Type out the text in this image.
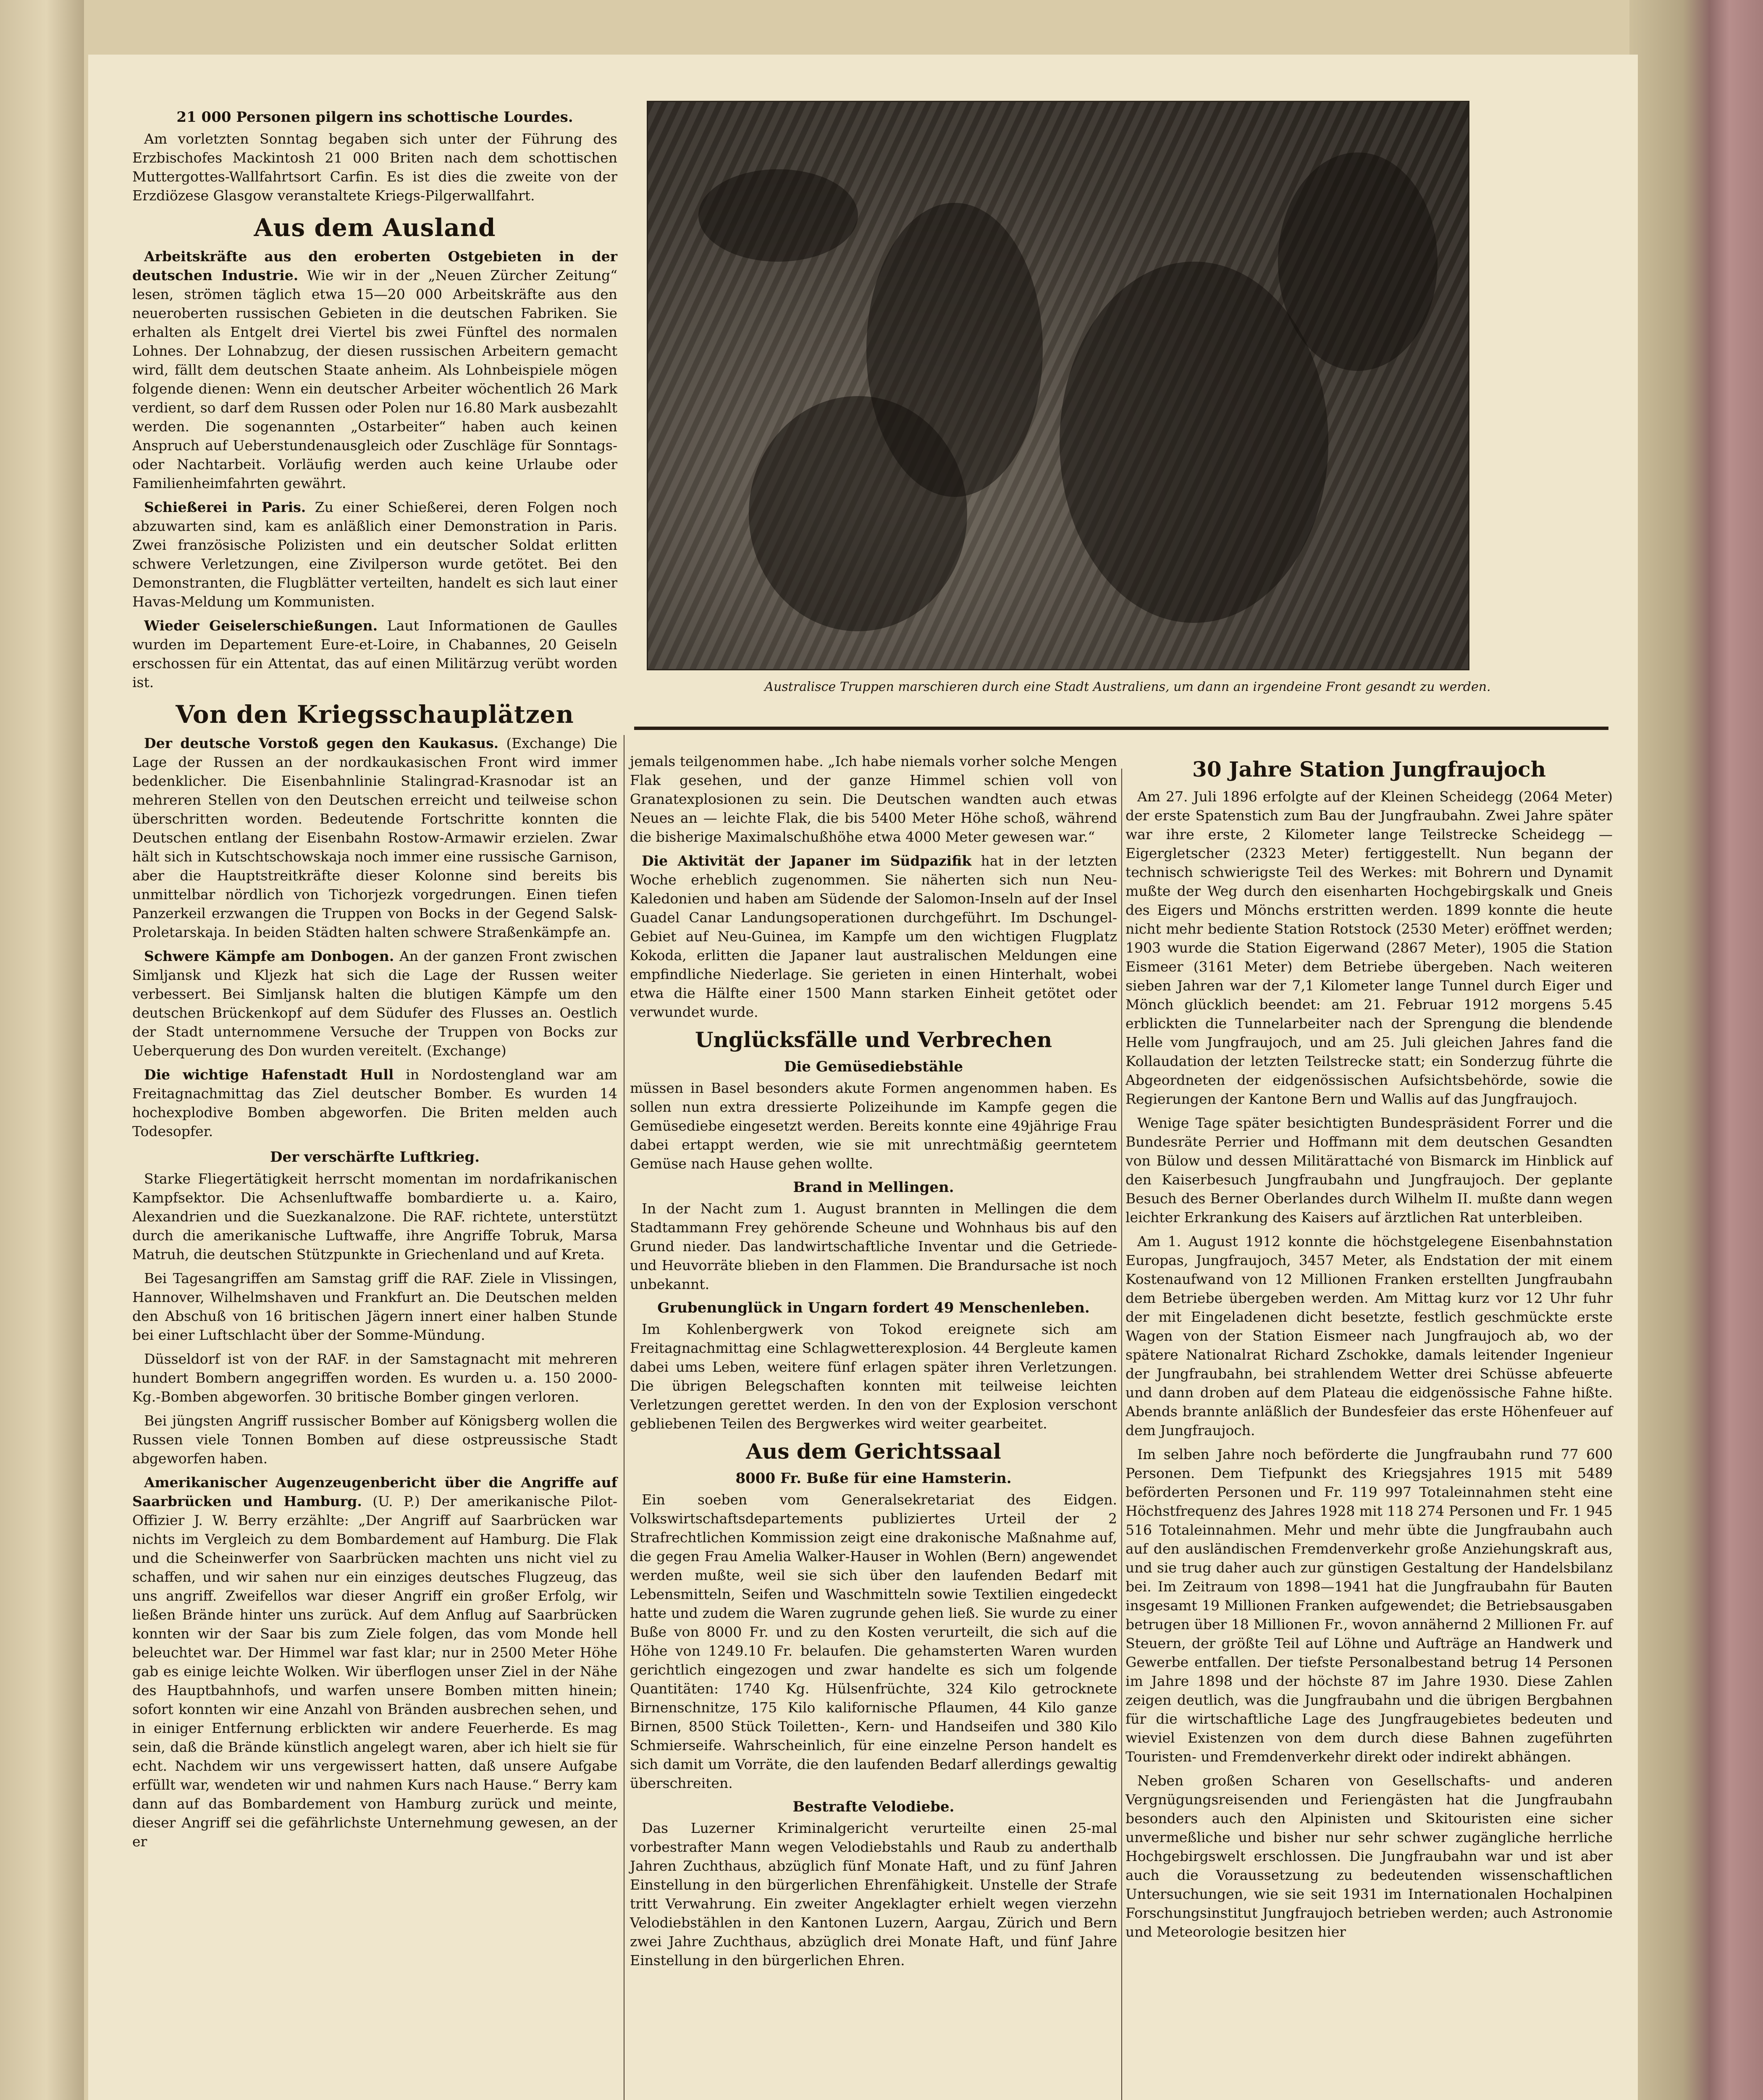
21 000 Personen pilgern ins schottische Lourdes.

Am vorletzten Sonntag begaben sich unter der Führung des Erzbischofes Mackintosh 21 000 Briten nach dem schottischen Muttergottes-Wallfahrtsort Carfin. Es ist dies die zweite von der Erzdiözese Glasgow veranstaltete Kriegs-Pilgerwallfahrt.

Aus dem Ausland

Arbeitskräfte aus den eroberten Ostgebieten in der deutschen Industrie. Wie wir in der „Neuen Zürcher Zeitung“ lesen, strömen täglich etwa 15—20 000 Arbeitskräfte aus den neueroberten russischen Gebieten in die deutschen Fabriken. Sie erhalten als Entgelt drei Viertel bis zwei Fünftel des normalen Lohnes. Der Lohnabzug, der diesen russischen Arbeitern gemacht wird, fällt dem deutschen Staate anheim. Als Lohnbeispiele mögen folgende dienen: Wenn ein deutscher Arbeiter wöchentlich 26 Mark verdient, so darf dem Russen oder Polen nur 16.80 Mark ausbezahlt werden. Die sogenannten „Ostarbeiter“ haben auch keinen Anspruch auf Ueberstundenausgleich oder Zuschläge für Sonntags- oder Nachtarbeit. Vorläufig werden auch keine Urlaube oder Familienheimfahrten gewährt.

Schießerei in Paris. Zu einer Schießerei, deren Folgen noch abzuwarten sind, kam es anläßlich einer Demonstration in Paris. Zwei französische Polizisten und ein deutscher Soldat erlitten schwere Verletzungen, eine Zivilperson wurde getötet. Bei den Demonstranten, die Flugblätter verteilten, handelt es sich laut einer Havas-Meldung um Kommunisten.

Wieder Geiselerschießungen. Laut Informationen de Gaulles wurden im Departement Eure-et-Loire, in Chabannes, 20 Geiseln erschossen für ein Attentat, das auf einen Militärzug verübt worden ist.

Von den Kriegsschauplätzen

Der deutsche Vorstoß gegen den Kaukasus. (Exchange) Die Lage der Russen an der nordkaukasischen Front wird immer bedenklicher. Die Eisenbahnlinie Stalingrad-Krasnodar ist an mehreren Stellen von den Deutschen erreicht und teilweise schon überschritten worden. Bedeutende Fortschritte konnten die Deutschen entlang der Eisenbahn Rostow-Armawir erzielen. Zwar hält sich in Kutschtschowskaja noch immer eine russische Garnison, aber die Hauptstreitkräfte dieser Kolonne sind bereits bis unmittelbar nördlich von Tichorjezk vorgedrungen. Einen tiefen Panzerkeil erzwangen die Truppen von Bocks in der Gegend Salsk-Proletarskaja. In beiden Städten halten schwere Straßenkämpfe an.

Schwere Kämpfe am Donbogen. An der ganzen Front zwischen Simljansk und Kljezk hat sich die Lage der Russen weiter verbessert. Bei Simljansk halten die blutigen Kämpfe um den deutschen Brückenkopf auf dem Südufer des Flusses an. Oestlich der Stadt unternommene Versuche der Truppen von Bocks zur Ueberquerung des Don wurden vereitelt. (Exchange)

Die wichtige Hafenstadt Hull in Nordostengland war am Freitagnachmittag das Ziel deutscher Bomber. Es wurden 14 hochexplodive Bomben abgeworfen. Die Briten melden auch Todesopfer.

Der verschärfte Luftkrieg.

Starke Fliegertätigkeit herrscht momentan im nordafrikanischen Kampfsektor. Die Achsenluftwaffe bombardierte u. a. Kairo, Alexandrien und die Suezkanalzone. Die RAF. richtete, unterstützt durch die amerikanische Luftwaffe, ihre Angriffe Tobruk, Marsa Matruh, die deutschen Stützpunkte in Griechenland und auf Kreta.

Bei Tagesangriffen am Samstag griff die RAF. Ziele in Vlissingen, Hannover, Wilhelmshaven und Frankfurt an. Die Deutschen melden den Abschuß von 16 britischen Jägern innert einer halben Stunde bei einer Luftschlacht über der Somme-Mündung.

Düsseldorf ist von der RAF. in der Samstagnacht mit mehreren hundert Bombern angegriffen worden. Es wurden u. a. 150 2000-Kg.-Bomben abgeworfen. 30 britische Bomber gingen verloren.

Bei jüngsten Angriff russischer Bomber auf Königsberg wollen die Russen viele Tonnen Bomben auf diese ostpreussische Stadt abgeworfen haben.

Amerikanischer Augenzeugenbericht über die Angriffe auf Saarbrücken und Hamburg. (U. P.) Der amerikanische Pilot-Offizier J. W. Berry erzählte: „Der Angriff auf Saarbrücken war nichts im Vergleich zu dem Bombardement auf Hamburg. Die Flak und die Scheinwerfer von Saarbrücken machten uns nicht viel zu schaffen, und wir sahen nur ein einziges deutsches Flugzeug, das uns angriff. Zweifellos war dieser Angriff ein großer Erfolg, wir ließen Brände hinter uns zurück. Auf dem Anflug auf Saarbrücken konnten wir der Saar bis zum Ziele folgen, das vom Monde hell beleuchtet war. Der Himmel war fast klar; nur in 2500 Meter Höhe gab es einige leichte Wolken. Wir überflogen unser Ziel in der Nähe des Hauptbahnhofs, und warfen unsere Bomben mitten hinein; sofort konnten wir eine Anzahl von Bränden ausbrechen sehen, und in einiger Entfernung erblickten wir andere Feuerherde. Es mag sein, daß die Brände künstlich angelegt waren, aber ich hielt sie für echt. Nachdem wir uns vergewissert hatten, daß unsere Aufgabe erfüllt war, wendeten wir und nahmen Kurs nach Hause.“ Berry kam dann auf das Bombardement von Hamburg zurück und meinte, dieser Angriff sei die gefährlichste Unternehmung gewesen, an der er

Australisce Truppen marschieren durch eine Stadt Australiens, um dann an irgendeine Front gesandt zu werden.

jemals teilgenommen habe. „Ich habe niemals vorher solche Mengen Flak gesehen, und der ganze Himmel schien voll von Granatexplosionen zu sein. Die Deutschen wandten auch etwas Neues an — leichte Flak, die bis 5400 Meter Höhe schoß, während die bisherige Maximalschußhöhe etwa 4000 Meter gewesen war.“

Die Aktivität der Japaner im Südpazifik hat in der letzten Woche erheblich zugenommen. Sie näherten sich nun Neu-Kaledonien und haben am Südende der Salomon-Inseln auf der Insel Guadel Canar Landungsoperationen durchgeführt. Im Dschungel-Gebiet auf Neu-Guinea, im Kampfe um den wichtigen Flugplatz Kokoda, erlitten die Japaner laut australischen Meldungen eine empfindliche Niederlage. Sie gerieten in einen Hinterhalt, wobei etwa die Hälfte einer 1500 Mann starken Einheit getötet oder verwundet wurde.

Unglücksfälle und Verbrechen
Die Gemüsediebstähle

müssen in Basel besonders akute Formen angenommen haben. Es sollen nun extra dressierte Polizeihunde im Kampfe gegen die Gemüsediebe eingesetzt werden. Bereits konnte eine 49jährige Frau dabei ertappt werden, wie sie mit unrechtmäßig geerntetem Gemüse nach Hause gehen wollte.

Brand in Mellingen.

In der Nacht zum 1. August brannten in Mellingen die dem Stadtammann Frey gehörende Scheune und Wohnhaus bis auf den Grund nieder. Das landwirtschaftliche Inventar und die Getriede- und Heuvorräte blieben in den Flammen. Die Brandursache ist noch unbekannt.

Grubenunglück in Ungarn fordert 49 Menschenleben.

Im Kohlenbergwerk von Tokod ereignete sich am Freitagnachmittag eine Schlagwetterexplosion. 44 Bergleute kamen dabei ums Leben, weitere fünf erlagen später ihren Verletzungen. Die übrigen Belegschaften konnten mit teilweise leichten Verletzungen gerettet werden. In den von der Explosion verschont gebliebenen Teilen des Bergwerkes wird weiter gearbeitet.

Aus dem Gerichtssaal
8000 Fr. Buße für eine Hamsterin.

Ein soeben vom Generalsekretariat des Eidgen. Volkswirtschaftsdepartements publiziertes Urteil der 2 Strafrechtlichen Kommission zeigt eine drakonische Maßnahme auf, die gegen Frau Amelia Walker-Hauser in Wohlen (Bern) angewendet werden mußte, weil sie sich über den laufenden Bedarf mit Lebensmitteln, Seifen und Waschmitteln sowie Textilien eingedeckt hatte und zudem die Waren zugrunde gehen ließ. Sie wurde zu einer Buße von 8000 Fr. und zu den Kosten verurteilt, die sich auf die Höhe von 1249.10 Fr. belaufen. Die gehamsterten Waren wurden gerichtlich eingezogen und zwar handelte es sich um folgende Quantitäten: 1740 Kg. Hülsenfrüchte, 324 Kilo getrocknete Birnenschnitze, 175 Kilo kalifornische Pflaumen, 44 Kilo ganze Birnen, 8500 Stück Toiletten-, Kern- und Handseifen und 380 Kilo Schmierseife. Wahrscheinlich, für eine einzelne Person handelt es sich damit um Vorräte, die den laufenden Bedarf allerdings gewaltig überschreiten.

Bestrafte Velodiebe.

Das Luzerner Kriminalgericht verurteilte einen 25-mal vorbestrafter Mann wegen Velodiebstahls und Raub zu anderthalb Jahren Zuchthaus, abzüglich fünf Monate Haft, und zu fünf Jahren Einstellung in den bürgerlichen Ehrenfähigkeit. Unstelle der Strafe tritt Verwahrung. Ein zweiter Angeklagter erhielt wegen vierzehn Velodiebstählen in den Kantonen Luzern, Aargau, Zürich und Bern zwei Jahre Zuchthaus, abzüglich drei Monate Haft, und fünf Jahre Einstellung in den bürgerlichen Ehren.

30 Jahre Station Jungfraujoch

Am 27. Juli 1896 erfolgte auf der Kleinen Scheidegg (2064 Meter) der erste Spatenstich zum Bau der Jungfraubahn. Zwei Jahre später war ihre erste, 2 Kilometer lange Teilstrecke Scheidegg — Eigergletscher (2323 Meter) fertiggestellt. Nun begann der technisch schwierigste Teil des Werkes: mit Bohrern und Dynamit mußte der Weg durch den eisenharten Hochgebirgskalk und Gneis des Eigers und Mönchs erstritten werden. 1899 konnte die heute nicht mehr bediente Station Rotstock (2530 Meter) eröffnet werden; 1903 wurde die Station Eigerwand (2867 Meter), 1905 die Station Eismeer (3161 Meter) dem Betriebe übergeben. Nach weiteren sieben Jahren war der 7,1 Kilometer lange Tunnel durch Eiger und Mönch glücklich beendet: am 21. Februar 1912 morgens 5.45 erblickten die Tunnelarbeiter nach der Sprengung die blendende Helle vom Jungfraujoch, und am 25. Juli gleichen Jahres fand die Kollaudation der letzten Teilstrecke statt; ein Sonderzug führte die Abgeordneten der eidgenössischen Aufsichtsbehörde, sowie die Regierungen der Kantone Bern und Wallis auf das Jungfraujoch.

Wenige Tage später besichtigten Bundespräsident Forrer und die Bundesräte Perrier und Hoffmann mit dem deutschen Gesandten von Bülow und dessen Militärattaché von Bismarck im Hinblick auf den Kaiserbesuch Jungfraubahn und Jungfraujoch. Der geplante Besuch des Berner Oberlandes durch Wilhelm II. mußte dann wegen leichter Erkrankung des Kaisers auf ärztlichen Rat unterbleiben.

Am 1. August 1912 konnte die höchstgelegene Eisenbahnstation Europas, Jungfraujoch, 3457 Meter, als Endstation der mit einem Kostenaufwand von 12 Millionen Franken erstellten Jungfraubahn dem Betriebe übergeben werden. Am Mittag kurz vor 12 Uhr fuhr der mit Eingeladenen dicht besetzte, festlich geschmückte erste Wagen von der Station Eismeer nach Jungfraujoch ab, wo der spätere Nationalrat Richard Zschokke, damals leitender Ingenieur der Jungfraubahn, bei strahlendem Wetter drei Schüsse abfeuerte und dann droben auf dem Plateau die eidgenössische Fahne hißte. Abends brannte anläßlich der Bundesfeier das erste Höhenfeuer auf dem Jungfraujoch.

Im selben Jahre noch beförderte die Jungfraubahn rund 77 600 Personen. Dem Tiefpunkt des Kriegsjahres 1915 mit 5489 beförderten Personen und Fr. 119 997 Totaleinnahmen steht eine Höchstfrequenz des Jahres 1928 mit 118 274 Personen und Fr. 1 945 516 Totaleinnahmen. Mehr und mehr übte die Jungfraubahn auch auf den ausländischen Fremdenverkehr große Anziehungskraft aus, und sie trug daher auch zur günstigen Gestaltung der Handelsbilanz bei. Im Zeitraum von 1898—1941 hat die Jungfraubahn für Bauten insgesamt 19 Millionen Franken aufgewendet; die Betriebsausgaben betrugen über 18 Millionen Fr., wovon annähernd 2 Millionen Fr. auf Steuern, der größte Teil auf Löhne und Aufträge an Handwerk und Gewerbe entfallen. Der tiefste Personalbestand betrug 14 Personen im Jahre 1898 und der höchste 87 im Jahre 1930. Diese Zahlen zeigen deutlich, was die Jungfraubahn und die übrigen Bergbahnen für die wirtschaftliche Lage des Jungfraugebietes bedeuten und wieviel Existenzen von dem durch diese Bahnen zugeführten Touristen- und Fremdenverkehr direkt oder indirekt abhängen.

Neben großen Scharen von Gesellschafts- und anderen Vergnügungsreisenden und Feriengästen hat die Jungfraubahn besonders auch den Alpinisten und Skitouristen eine sicher unvermeßliche und bisher nur sehr schwer zugängliche herrliche Hochgebirgswelt erschlossen. Die Jungfraubahn war und ist aber auch die Voraussetzung zu bedeutenden wissenschaftlichen Untersuchungen, wie sie seit 1931 im Internationalen Hochalpinen Forschungsinstitut Jungfraujoch betrieben werden; auch Astronomie und Meteorologie besitzen hier
